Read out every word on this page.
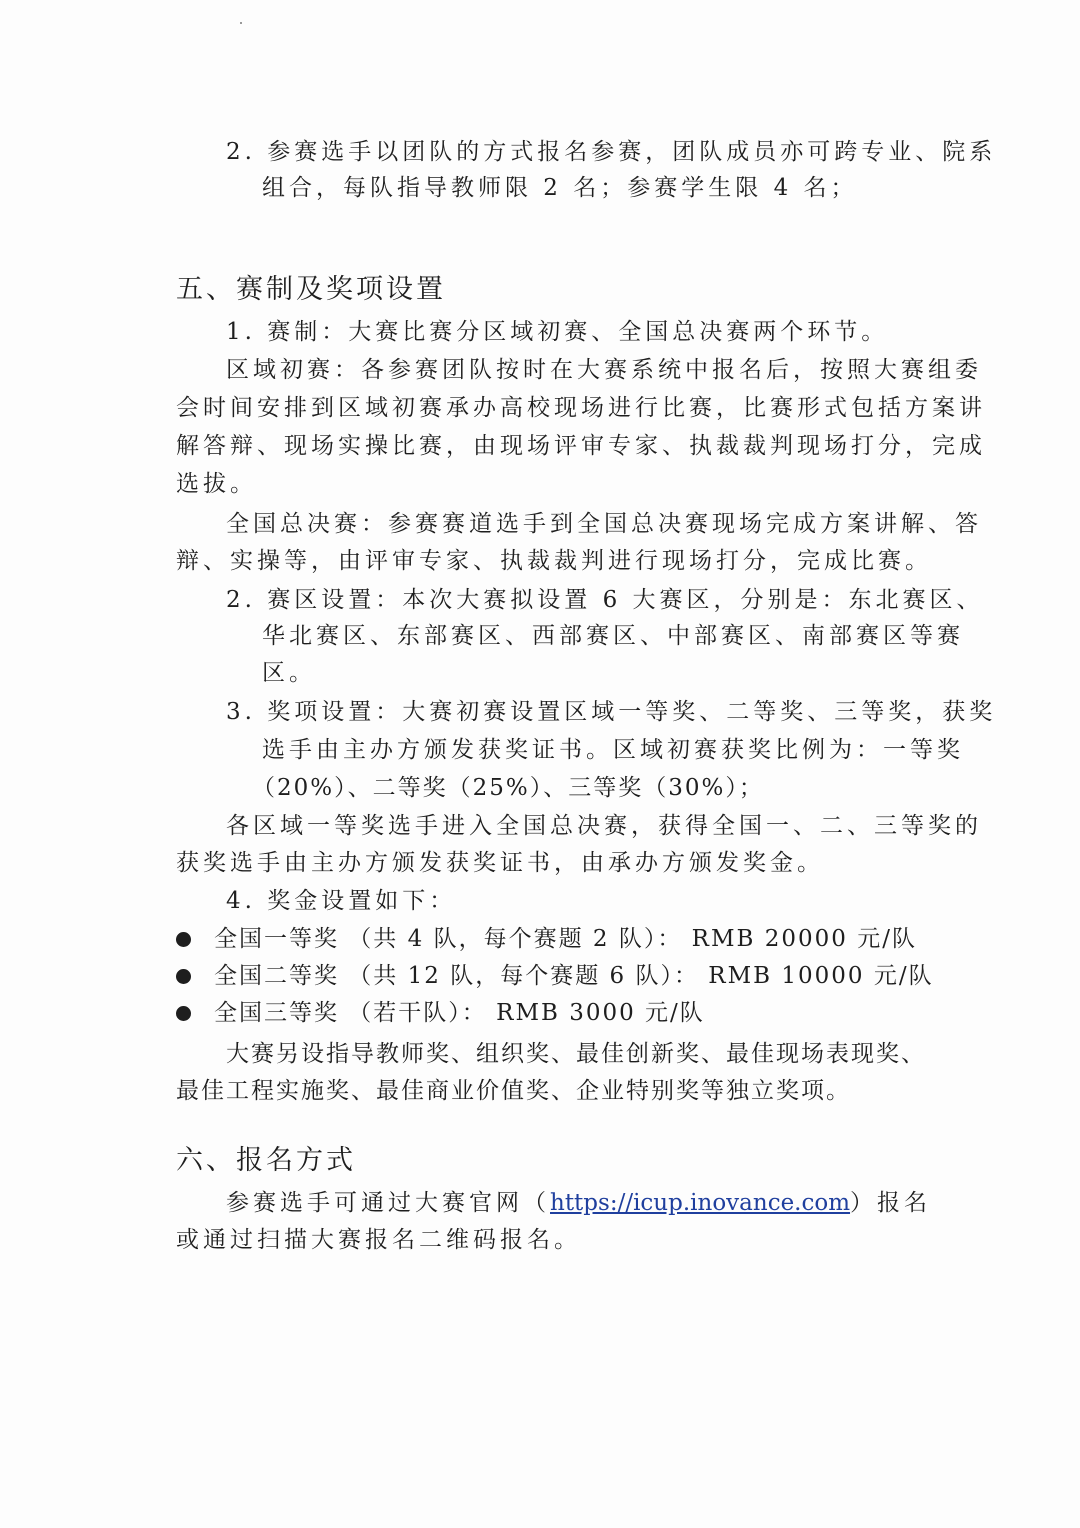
2. 参赛选手以团队的方式报名参赛，团队成员亦可跨专业、院系
组合，每队指导教师限 2 名；参赛学生限 4 名；
五、赛制及奖项设置
1. 赛制：大赛比赛分区域初赛、全国总决赛两个环节。
区域初赛：各参赛团队按时在大赛系统中报名后，按照大赛组委
会时间安排到区域初赛承办高校现场进行比赛，比赛形式包括方案讲
解答辩、现场实操比赛，由现场评审专家、执裁裁判现场打分，完成
选拔。
全国总决赛：参赛赛道选手到全国总决赛现场完成方案讲解、答
辩、实操等，由评审专家、执裁裁判进行现场打分，完成比赛。
2. 赛区设置：本次大赛拟设置 6 大赛区，分别是：东北赛区、
华北赛区、东部赛区、西部赛区、中部赛区、南部赛区等赛
区。
3. 奖项设置：大赛初赛设置区域一等奖、二等奖、三等奖，获奖
选手由主办方颁发获奖证书。区域初赛获奖比例为：一等奖
（20%）、二等奖（25%）、三等奖（30%）；
各区域一等奖选手进入全国总决赛，获得全国一、二、三等奖的
获奖选手由主办方颁发获奖证书，由承办方颁发奖金。
4. 奖金设置如下：
全国一等奖 （共 4 队，每个赛题 2 队）： RMB 20000 元/队
全国二等奖 （共 12 队，每个赛题 6 队）： RMB 10000 元/队
全国三等奖 （若干队）： RMB 3000 元/队
大赛另设指导教师奖、组织奖、最佳创新奖、最佳现场表现奖、
最佳工程实施奖、最佳商业价值奖、企业特别奖等独立奖项。
六、报名方式
参赛选手可通过大赛官网（https://icup.inovance.com）报名
或通过扫描大赛报名二维码报名。
